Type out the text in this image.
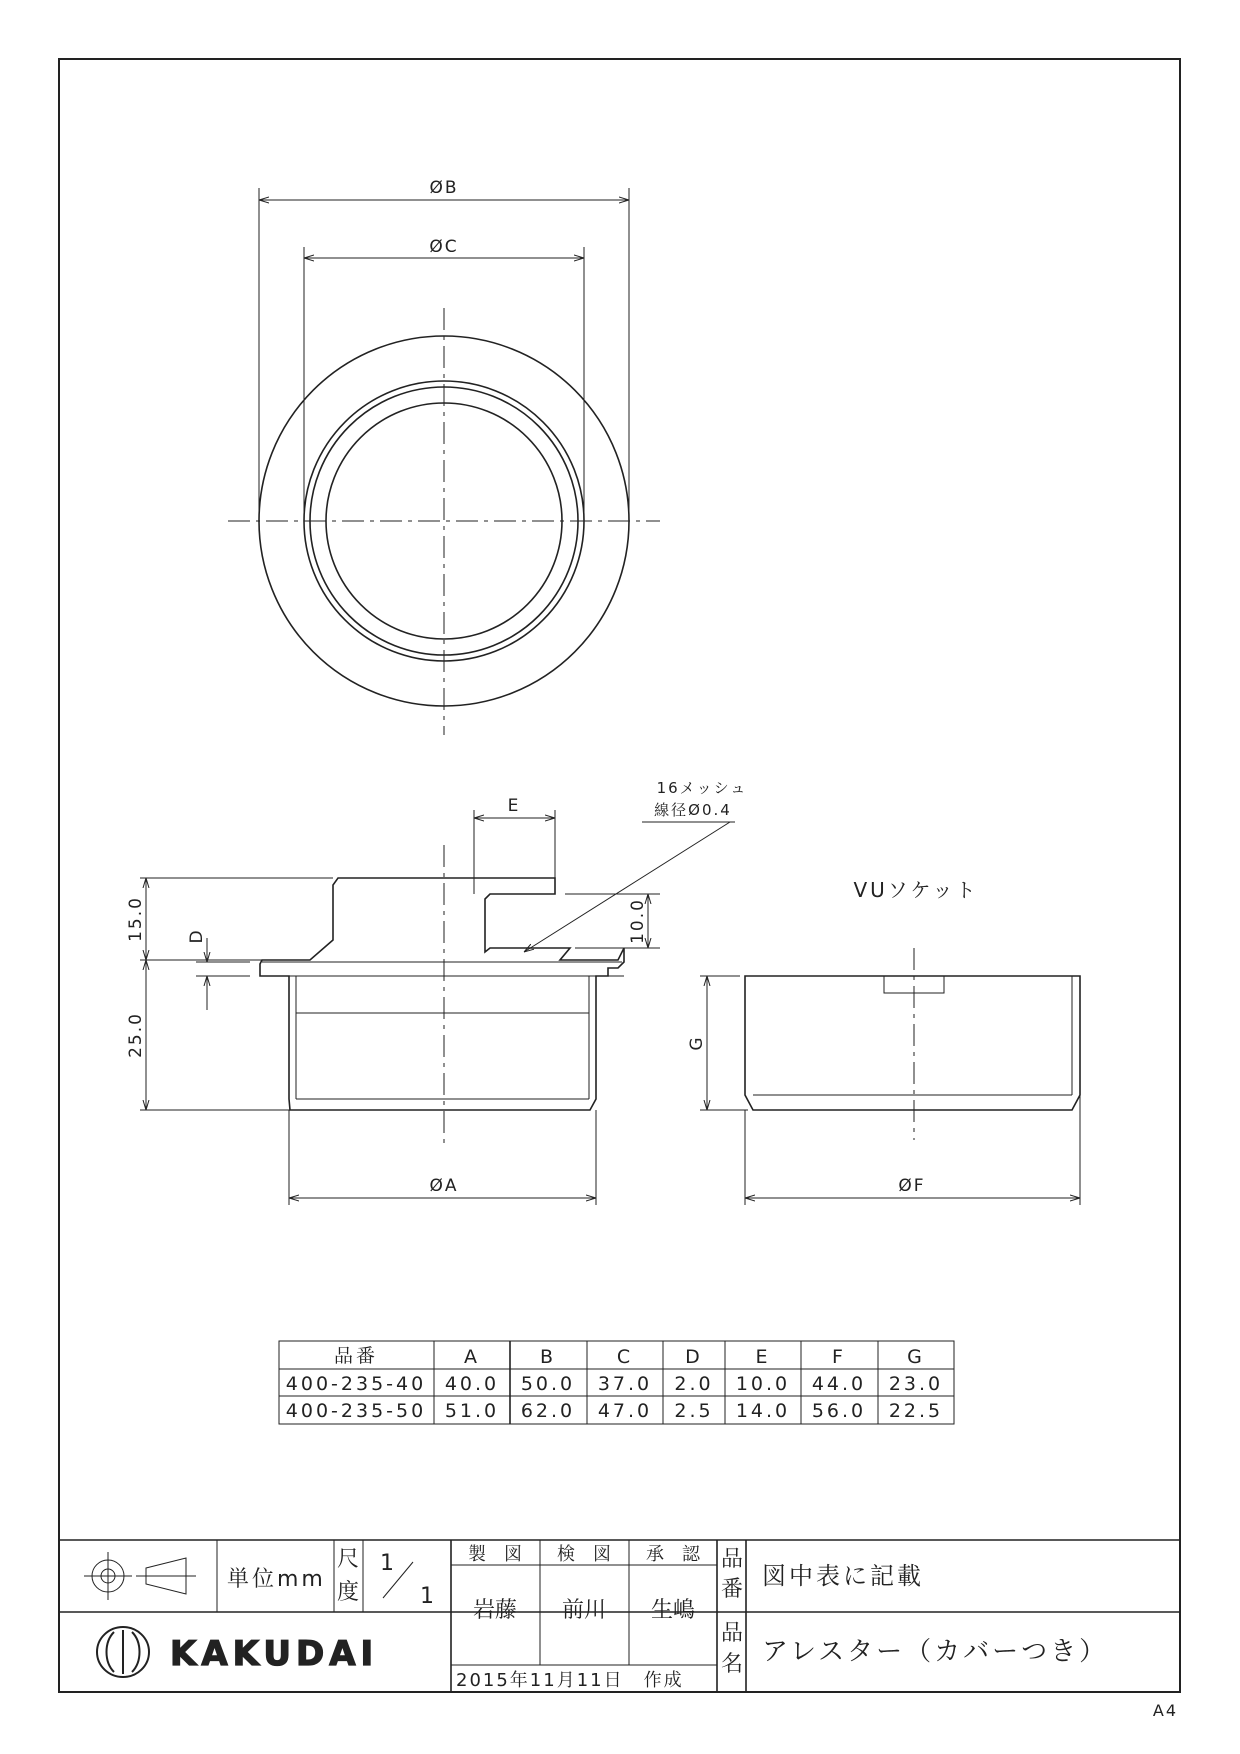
ØB
ØC
E
10.0
16メッシュ
線径Ø0.4
15.0
25.0
D
ØA
VUソケット
G
ØF
品番	A	B	C	D	E	F	G
400-235-40 40.0 50.0 37.0 2.0 10.0 44.0 23.0
400-235-50 51.0 62.0 47.0 2.5 14.0 56.0 22.5
単位mm
尺
度
1
1
製　図 検　図 承　認
岩藤 前川 生嶋
2015年11月11日　作成
品
番 図中表に記載
品
名 アレスター（カバーつき）
KAKUDAI
A4
